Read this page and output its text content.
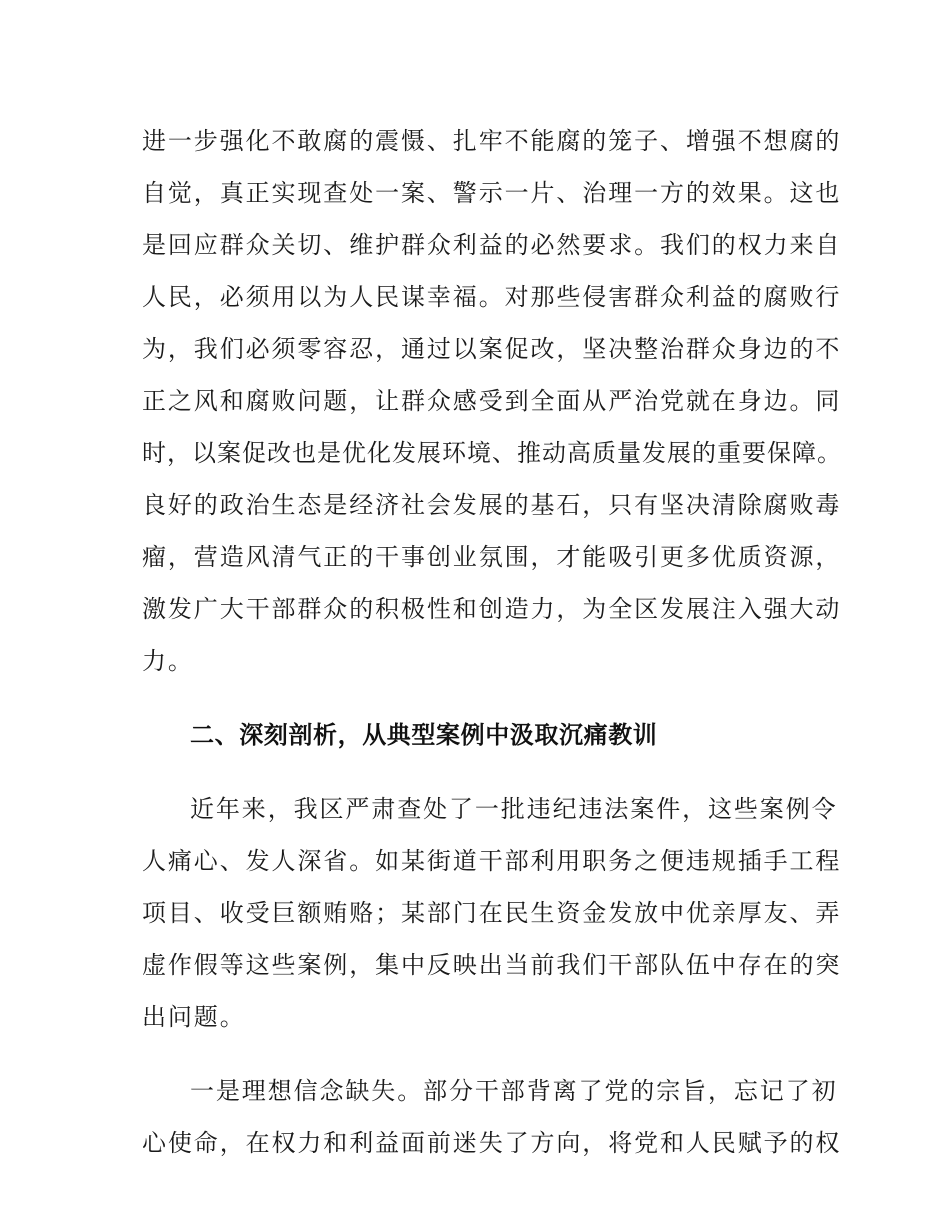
进一步强化不敢腐的震慑、扎牢不能腐的笼子、增强不想腐的
自觉，真正实现查处一案、警示一片、治理一方的效果。这也
是回应群众关切、维护群众利益的必然要求。我们的权力来自
人民，必须用以为人民谋幸福。对那些侵害群众利益的腐败行
为，我们必须零容忍，通过以案促改，坚决整治群众身边的不
正之风和腐败问题，让群众感受到全面从严治党就在身边。同
时，以案促改也是优化发展环境、推动高质量发展的重要保障。
良好的政治生态是经济社会发展的基石，只有坚决清除腐败毒
瘤，营造风清气正的干事创业氛围，才能吸引更多优质资源，
激发广大干部群众的积极性和创造力，为全区发展注入强大动
力。
二、深刻剖析，从典型案例中汲取沉痛教训
近年来，我区严肃查处了一批违纪违法案件，这些案例令
人痛心、发人深省。如某街道干部利用职务之便违规插手工程
项目、收受巨额贿赂；某部门在民生资金发放中优亲厚友、弄
虚作假等这些案例，集中反映出当前我们干部队伍中存在的突
出问题。
一是理想信念缺失。部分干部背离了党的宗旨，忘记了初
心使命，在权力和利益面前迷失了方向，将党和人民赋予的权
